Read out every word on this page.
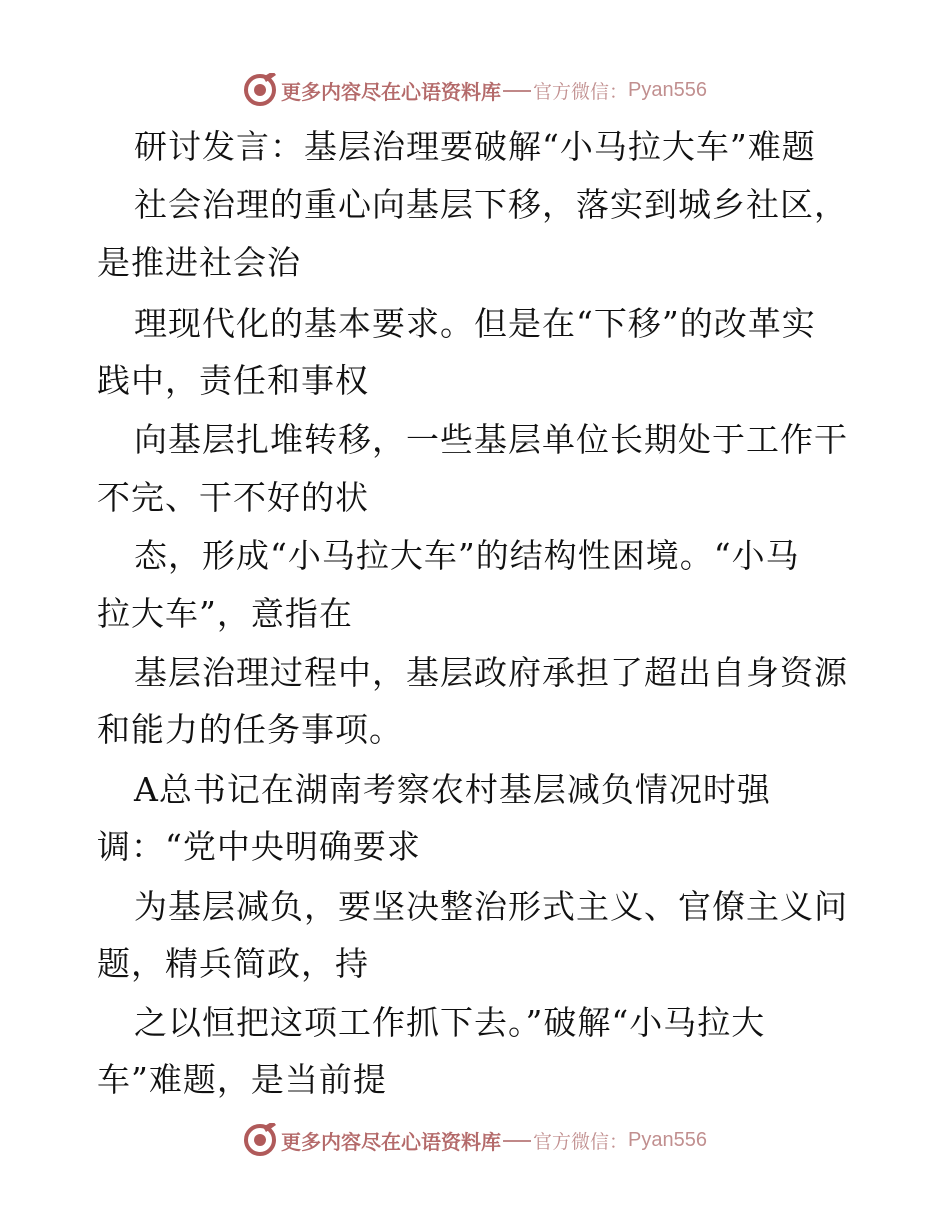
更多内容尽在心语资料库 官方微信： Pyan556
研讨发言：基层治理要破解“小马拉大车”难题
社会治理的重心向基层下移，落实到城乡社区，
是推进社会治
理现代化的基本要求。但是在“下移”的改革实
践中，责任和事权
向基层扎堆转移，一些基层单位长期处于工作干
不完、干不好的状
态，形成“小马拉大车”的结构性困境。“小马
拉大车”，意指在
基层治理过程中，基层政府承担了超出自身资源
和能力的任务事项。
A总书记在湖南考察农村基层减负情况时强
调：“党中央明确要求
为基层减负，要坚决整治形式主义、官僚主义问
题，精兵简政，持
之以恒把这项工作抓下去。”破解“小马拉大
车”难题，是当前提
更多内容尽在心语资料库 官方微信： Pyan556
